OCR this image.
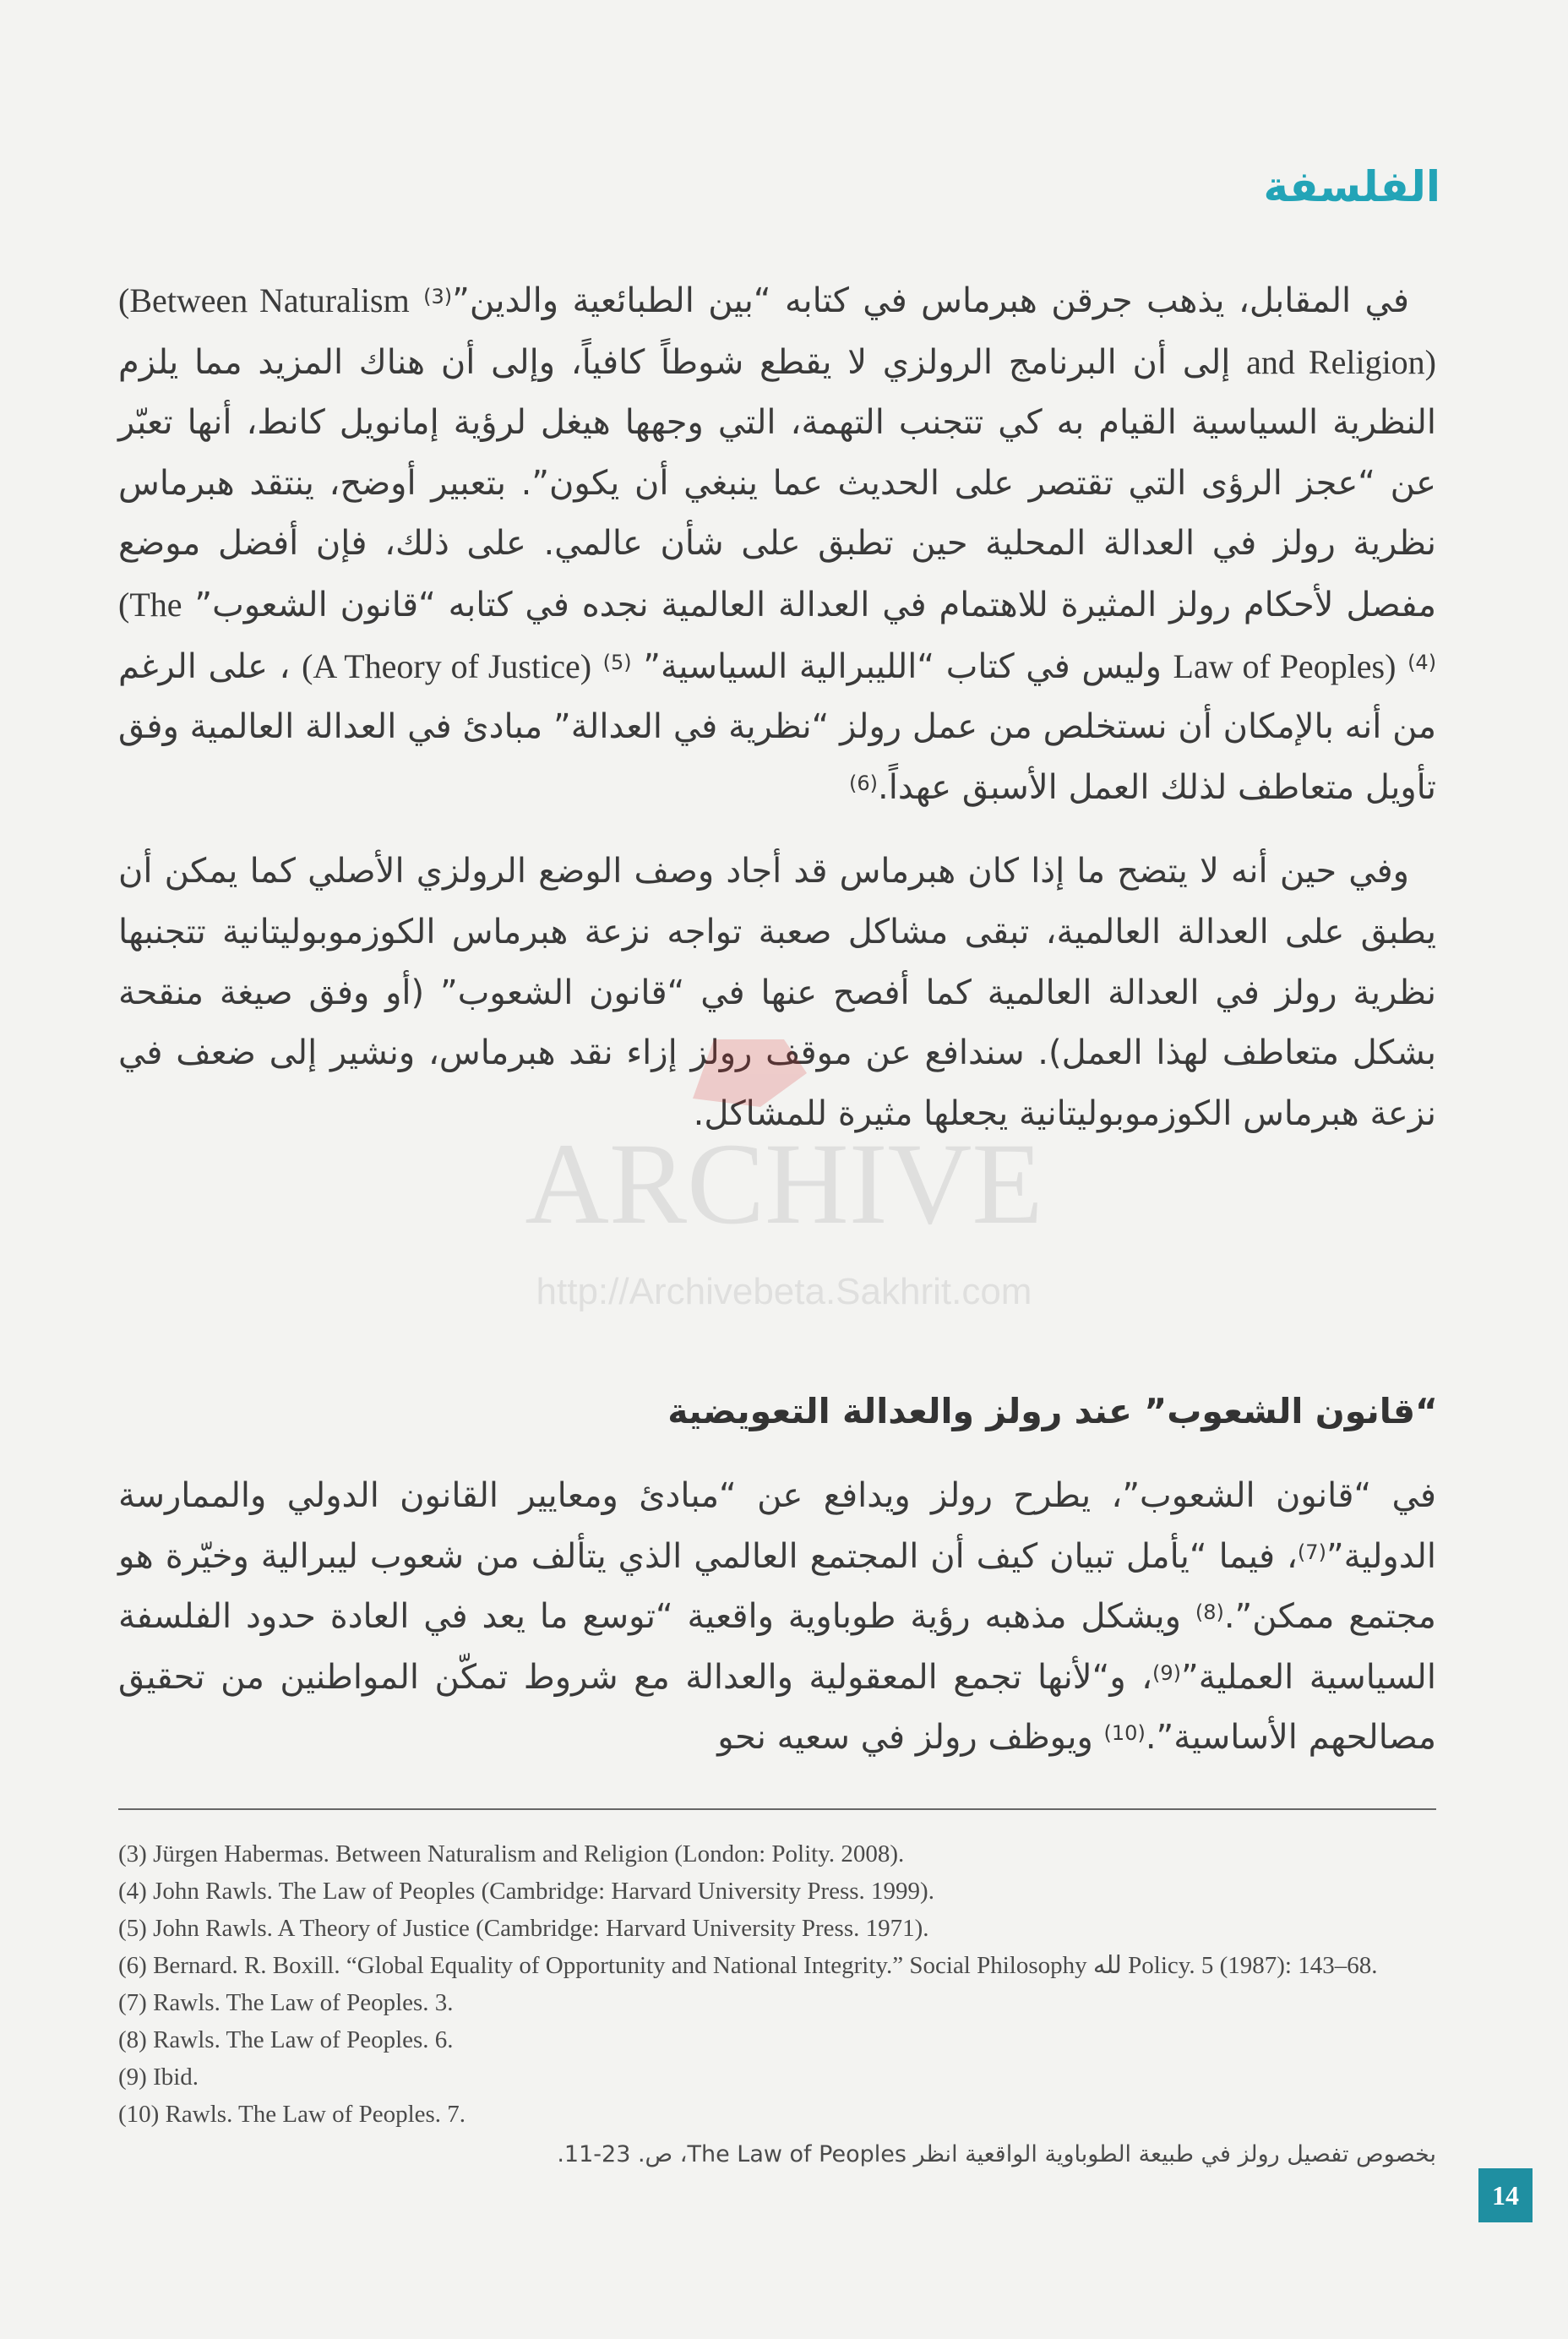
الفلسفة

في المقابل، يذهب جرقن هبرماس في كتابه “بين الطبائعية والدين”$^{(3)}$ (Between Naturalism and Religion) إلى أن البرنامج الرولزي لا يقطع شوطاً كافياً، وإلى أن هناك المزيد مما يلزم النظرية السياسية القيام به كي تتجنب التهمة، التي وجهها هيغل لرؤية إمانويل كانط، أنها تعبّر عن “عجز الرؤى التي تقتصر على الحديث عما ينبغي أن يكون”. بتعبير أوضح، ينتقد هبرماس نظرية رولز في العدالة المحلية حين تطبق على شأن عالمي. على ذلك، فإن أفضل موضع مفصل لأحكام رولز المثيرة للاهتمام في العدالة العالمية نجده في كتابه “قانون الشعوب” (The Law of Peoples) $^{(4)}$ وليس في كتاب “الليبرالية السياسية” (A Theory of Justice) $^{(5)}$ ، على الرغم من أنه بالإمكان أن نستخلص من عمل رولز “نظرية في العدالة” مبادئ في العدالة العالمية وفق تأويل متعاطف لذلك العمل الأسبق عهداً.$^{(6)}$

وفي حين أنه لا يتضح ما إذا كان هبرماس قد أجاد وصف الوضع الرولزي الأصلي كما يمكن أن يطبق على العدالة العالمية، تبقى مشاكل صعبة تواجه نزعة هبرماس الكوزموبوليتانية تتجنبها نظرية رولز في العدالة العالمية كما أفصح عنها في “قانون الشعوب” (أو وفق صيغة منقحة بشكل متعاطف لهذا العمل). سندافع عن موقف رولز إزاء نقد هبرماس، ونشير إلى ضعف في نزعة هبرماس الكوزموبوليتانية يجعلها مثيرة للمشاكل.

“قانون الشعوب” عند رولز والعدالة التعويضية

في “قانون الشعوب”، يطرح رولز ويدافع عن “مبادئ ومعايير القانون الدولي والممارسة الدولية”$^{(7)}$، فيما “يأمل تبيان كيف أن المجتمع العالمي الذي يتألف من شعوب ليبرالية وخيّرة هو مجتمع ممكن”.$^{(8)}$ ويشكل مذهبه رؤية طوباوية واقعية “توسع ما يعد في العادة حدود الفلسفة السياسية العملية”$^{(9)}$، و“لأنها تجمع المعقولية والعدالة مع شروط تمكّن المواطنين من تحقيق مصالحهم الأساسية”.$^{(10)}$ ويوظف رولز في سعيه نحو

(3) Jürgen Habermas. Between Naturalism and Religion (London: Polity. 2008).

(4) John Rawls. The Law of Peoples (Cambridge: Harvard University Press. 1999).

(5) John Rawls. A Theory of Justice (Cambridge: Harvard University Press. 1971).

(6) Bernard. R. Boxill. “Global Equality of Opportunity and National Integrity.” Social Philosophy لله Policy. 5 (1987): 143–68.

(7) Rawls. The Law of Peoples. 3.

(8) Rawls. The Law of Peoples. 6.

(9) Ibid.

(10) Rawls. The Law of Peoples. 7.

بخصوص تفصيل رولز في طبيعة الطوباوية الواقعية انظر The Law of Peoples، ص. 23-11.

14
ARCHIVE
http://Archivebeta.Sakhrit.com
